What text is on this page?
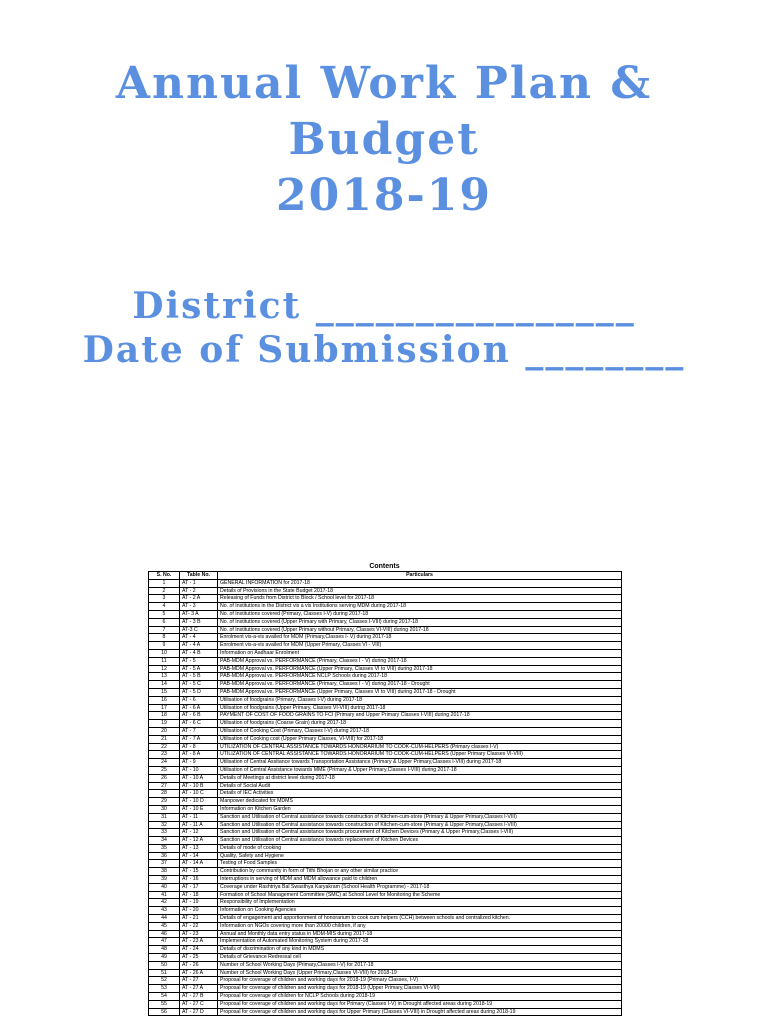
Annual Work Plan &
Budget
2018-19
District ________________
Date of Submission ________
Contents
S. No.	Table No.	Particulars
1	AT - 1	GENERAL INFORMATION for 2017-18
2	AT - 2	Details of Provisions in the State Budget 2017-18
3	AT - 2 A	Releasing of Funds from District to Block / School level for 2017-18
4	AT - 3	No. of Institutions in the District vis a vis Institutions serving MDM during 2017-18
5	AT- 3 A	No. of Institutions covered (Primary, Classes I-V) during 2017-18
6	AT - 3 B	No. of Institutions covered (Upper Primary with Primary, Classes I-VIII) during 2017-18
7	AT-3 C	No. of Institutions covered (Upper Primary without Primary, Classes VI-VIII) during 2017-18
8	AT - 4	Enrolment vis-a-vis availed for MDM (Primary,Classes I- V) during 2017-18
9	AT - 4 A	Enrolment vis-a-vis availed for MDM (Upper Primary, Classes VI - VIII)
10	AT - 4 B	Information on Aadhaar Enrolment
11	AT - 5	PAB-MDM Approval vs. PERFORMANCE (Primary, Classes I - V) during 2017-18
12	AT - 5 A	PAB-MDM Approval vs. PERFORMANCE (Upper Primary, Classes VI to VIII) during 2017-18
13	AT - 5 B	PAB-MDM Approval vs. PERFORMANCE NCLP Schools during 2017-18
14	AT - 5 C	PAB-MDM Approval vs. PERFORMANCE (Primary, Classes I - V) during 2017-18 - Drought
15	AT - 5 D	PAB-MDM Approval vs. PERFORMANCE (Upper Primary, Classes VI to VIII) during 2017-18 - Drought
16	AT - 6	Utilisation of foodgrains (Primary, Classes I-V) during 2017-18
17	AT - 6 A	Utilisation of foodgrains (Upper Primary, Classes VI-VIII) during 2017-18
18	AT - 6 B	PAYMENT OF COST OF FOOD GRAINS TO FCI (Primary and Upper Primary Classes I-VIII) during 2017-18
19	AT - 6 C	Utilisation of foodgrains (Coarse Grain) during 2017-18
20	AT - 7	Utilisation of Cooking Cost (Primary, Classes I-V) during 2017-18
21	AT - 7 A	Utilisation of Cooking cost (Upper Primary Classes, VI-VIII) for 2017-18
22	AT - 8	UTILIZATION OF CENTRAL ASSISTANCE TOWARDS HONORARIUM TO COOK-CUM-HELPERS (Primary classes I-V)
23	AT - 8 A	UTILIZATION OF CENTRAL ASSISTANCE TOWARDS HONORARIUM TO COOK-CUM-HELPERS (Upper Primary Classes VI-VIII)
24	AT - 9	Utilisation of Central Assitance towards Transportation Assistance (Primary & Upper Primary,Classes I-VIII) during 2017-18
25	AT - 10	Utilisation of Central Assistance towards MME (Primary & Upper Primary,Classes I-VIII) during 2017-18
26	AT - 10 A	Details of Meetings at district level during 2017-18
27	AT - 10 B	Details of Social Audit
28	AT - 10 C	Details of IEC Activities
29	AT - 10 D	Manpower dedicated for MDMS
30	AT - 10 E	Information on Kitchen Garden
31	AT - 11	Sanction and Utilisation of Central assistance towards construction of Kitchen-cum-store (Primary & Upper Primary,Classes I-VIII)
32	AT - 11 A	Sanction and Utilisation of Central assistance towards construction of Kitchen-cum-store (Primary & Upper Primary,Classes I-VIII)
33	AT - 12	Sanction and Utilisation of Central assistance towards procurement of Kitchen Devices (Primary & Upper Primary,Classes I-VIII)
34	AT - 12 A	Sanction and Utilisation of Central assistance towards replacement of Kitchen Devices
35	AT - 13	Details of mode of cooking
36	AT - 14	Quality, Safety and Hygiene
37	AT - 14 A	Testing of Food Samples
38	AT - 15	Contribution by community in form of Tithi Bhojan or any other similar practice
39	AT - 16	Interruptions in serving of MDM and MDM allowance paid to children
40	AT - 17	Coverage under Rashtriya Bal Swasthya Karyakram (School Health Programme) - 2017-18
41	AT - 18	Formation of School Management Committee (SMC) at School Level for Monitoring the Scheme
42	AT - 19	Responsibility of Implementation
43	AT - 20	Information on Cooking Agencies
44	AT - 21	Details of engagement and apportionment of honorarium to cook cum helpers (CCH) between schools and centralized kitchen.
45	AT - 22	Information on NGOs covering more than 20000 children, if any
46	AT - 23	Annual and Monthly data entry status in MDM-MIS during 2017-18
47	AT - 23 A	Implementation of Automated Monitoring System during 2017-18
48	AT - 24	Details of discrimination of any kind in MDMS
49	AT - 25	Details of Grievance Redressal cell
50	AT - 26	Number of School Working Days (Primary,Classes I-V) for 2017-18
51	AT - 26 A	Number of School Working Days (Upper Primary,Classes VI-VIII) for 2018-19
52	AT - 27	Proposal for coverage of children and working days for 2018-19 (Primary Classes, I-V)
53	AT - 27 A	Proposal for coverage of children and working days for 2018-19 (Upper Primary,Classes VI-VIII)
54	AT - 27 B	Proposal for coverage of children for NCLP Schools during 2018-19
55	AT - 27 C	Proposal for coverage of children and working days for Primary (Classes I-V) in Drought affected areas during 2018-19
56	AT - 27 D	Proposal for coverage of children and working days for Upper Primary (Classes VI-VIII) in Drought affected areas during 2018-19
